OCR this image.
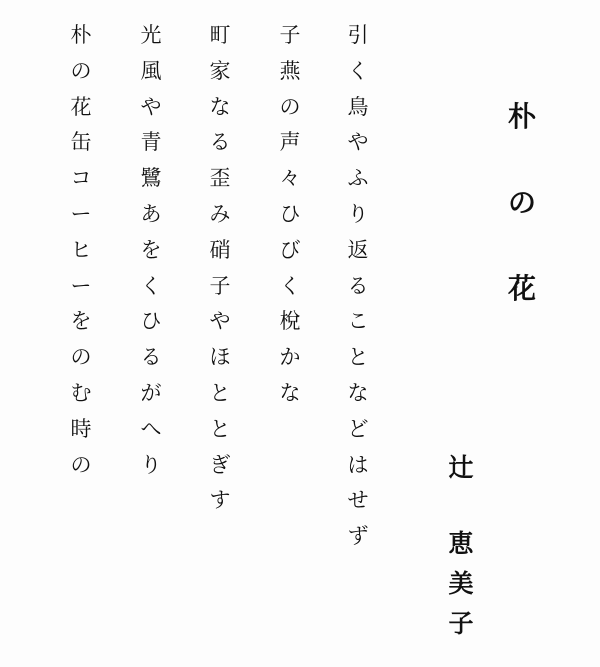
朴
の
花
辻
恵
美
子
引
く
鳥
や
ふ
り
返
る
こ
と
な
ど
は
せ
ず
子
燕
の
声
々
ひ
び
く
梲
か
な
町
家
な
る
歪
み
硝
子
や
ほ
と
と
ぎ
す
光
風
や
青
鷺
あ
を
く
ひ
る
が
へ
り
朴
の
花
缶
コ
ー
ヒ
ー
を
の
む
時
の
